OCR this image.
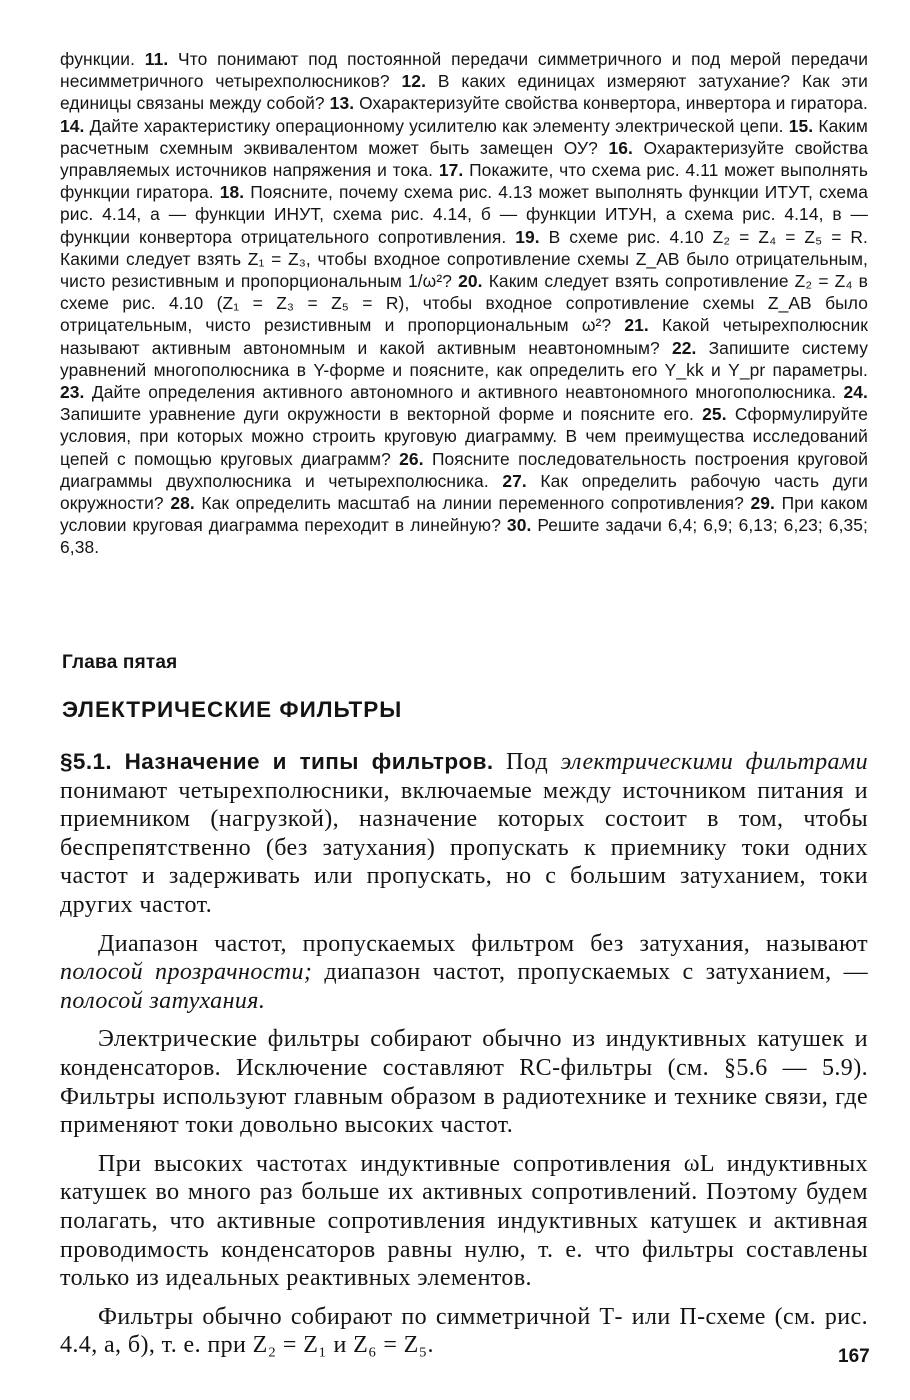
функции. 11. Что понимают под постоянной передачи симметричного и под мерой передачи несимметричного четырехполюсников? 12. В каких единицах измеряют затухание? Как эти единицы связаны между собой? 13. Охарактеризуйте свойства конвертора, инвертора и гиратора. 14. Дайте характеристику операционному усилителю как элементу электрической цепи. 15. Каким расчетным схемным эквивалентом может быть замещен ОУ? 16. Охарактеризуйте свойства управляемых источников напряжения и тока. 17. Покажите, что схема рис. 4.11 может выполнять функции гиратора. 18. Поясните, почему схема рис. 4.13 может выполнять функции ИТУТ, схема рис. 4.14, а — функции ИНУТ, схема рис. 4.14, б — функции ИТУН, а схема рис. 4.14, в — функции конвертора отрицательного сопротивления. 19. В схеме рис. 4.10 Z₂ = Z₄ = Z₅ = R. Какими следует взять Z₁ = Z₃, чтобы входное сопротивление схемы Z_AB было отрицательным, чисто резистивным и пропорциональным 1/ω²? 20. Каким следует взять сопротивление Z₂ = Z₄ в схеме рис. 4.10 (Z₁ = Z₃ = Z₅ = R), чтобы входное сопротивление схемы Z_AB было отрицательным, чисто резистивным и пропорциональным ω²? 21. Какой четырехполюсник называют активным автономным и какой активным неавтономным? 22. Запишите систему уравнений многополюсника в Y-форме и поясните, как определить его Y_kk и Y_pr параметры. 23. Дайте определения активного автономного и активного неавтономного многополюсника. 24. Запишите уравнение дуги окружности в векторной форме и поясните его. 25. Сформулируйте условия, при которых можно строить круговую диаграмму. В чем преимущества исследований цепей с помощью круговых диаграмм? 26. Поясните последовательность построения круговой диаграммы двухполюсника и четырехполюсника. 27. Как определить рабочую часть дуги окружности? 28. Как определить масштаб на линии переменного сопротивления? 29. При каком условии круговая диаграмма переходит в линейную? 30. Решите задачи 6,4; 6,9; 6,13; 6,23; 6,35; 6,38.
Глава пятая
ЭЛЕКТРИЧЕСКИЕ ФИЛЬТРЫ

§5.1. Назначение и типы фильтров. Под электрическими фильтрами понимают четырехполюсники, включаемые между источником питания и приемником (нагрузкой), назначение которых состоит в том, чтобы беспрепятственно (без затухания) пропускать к приемнику токи одних частот и задерживать или пропускать, но с большим затуханием, токи других частот.

Диапазон частот, пропускаемых фильтром без затухания, называют полосой прозрачности; диапазон частот, пропускаемых с затуханием, — полосой затухания.

Электрические фильтры собирают обычно из индуктивных катушек и конденсаторов. Исключение составляют RC-фильтры (см. §5.6 — 5.9). Фильтры используют главным образом в радиотехнике и технике связи, где применяют токи довольно высоких частот.

При высоких частотах индуктивные сопротивления ωL индуктивных катушек во много раз больше их активных сопротивлений. Поэтому будем полагать, что активные сопротивления индуктивных катушек и активная проводимость конденсаторов равны нулю, т. е. что фильтры составлены только из идеальных реактивных элементов.

Фильтры обычно собирают по симметричной Т- или П-схеме (см. рис. 4.4, а, б), т. е. при Z₂ = Z₁ и Z₆ = Z₅.	167
